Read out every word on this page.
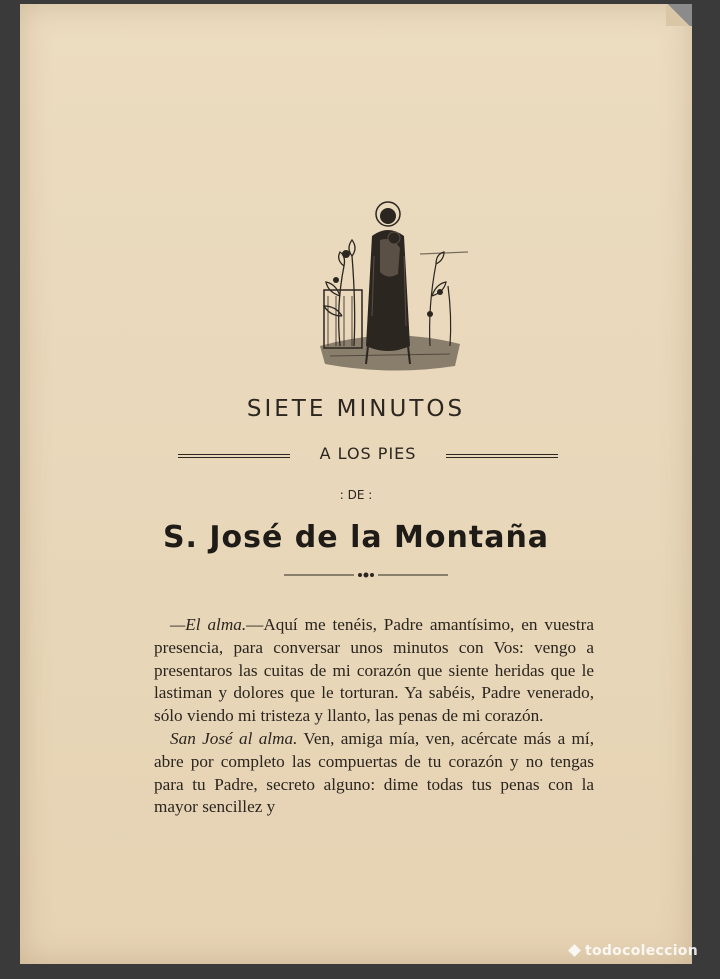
SIETE MINUTOS
A LOS PIES
: DE :
S. José de la Montaña

—El alma.—Aquí me tenéis, Padre amantísimo, en vuestra presencia, para conversar unos minutos con Vos: vengo a presentaros las cuitas de mi corazón que siente heridas que le lastiman y dolores que le torturan. Ya sabéis, Padre venerado, sólo viendo mi tristeza y llanto, las penas de mi corazón.

San José al alma. Ven, amiga mía, ven, acércate más a mí, abre por completo las compuertas de tu corazón y no tengas para tu Padre, secreto alguno: dime todas tus penas con la mayor sencillez y

todocoleccion
